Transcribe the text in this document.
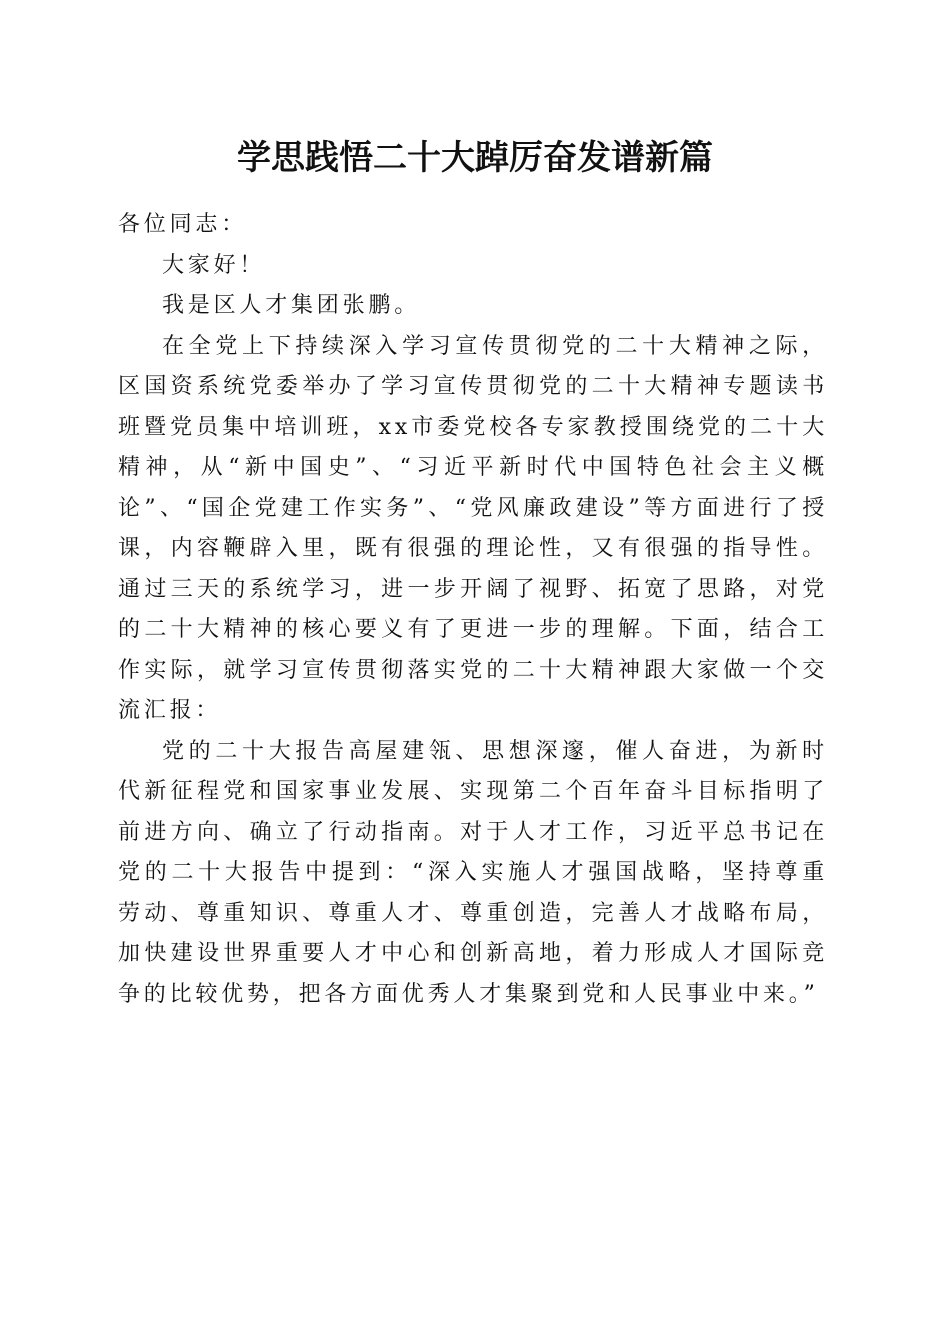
学思践悟二十大踔厉奋发谱新篇

各位同志：

大家好！

我是区人才集团张鹏。

在全党上下持续深入学习宣传贯彻党的二十大精神之际，区国资系统党委举办了学习宣传贯彻党的二十大精神专题读书班暨党员集中培训班，xx市委党校各专家教授围绕党的二十大精神，从“新中国史”、“习近平新时代中国特色社会主义概论”、“国企党建工作实务”、“党风廉政建设”等方面进行了授课，内容鞭辟入里，既有很强的理论性，又有很强的指导性。通过三天的系统学习，进一步开阔了视野、拓宽了思路，对党的二十大精神的核心要义有了更进一步的理解。下面，结合工作实际，就学习宣传贯彻落实党的二十大精神跟大家做一个交流汇报：

党的二十大报告高屋建瓴、思想深邃，催人奋进，为新时代新征程党和国家事业发展、实现第二个百年奋斗目标指明了前进方向、确立了行动指南。对于人才工作，习近平总书记在党的二十大报告中提到：“深入实施人才强国战略，坚持尊重劳动、尊重知识、尊重人才、尊重创造，完善人才战略布局，加快建设世界重要人才中心和创新高地，着力形成人才国际竞争的比较优势，把各方面优秀人才集聚到党和人民事业中来。”
